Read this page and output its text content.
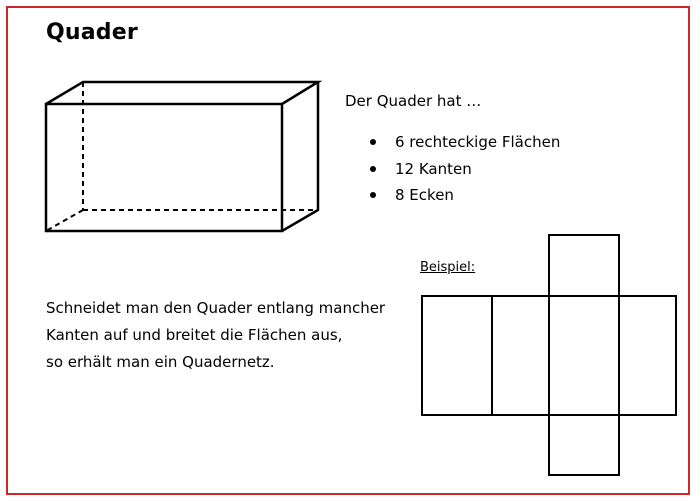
Quader
Der Quader hat …
6 rechteckige Flächen
12 Kanten
8 Ecken
Beispiel:
Schneidet man den Quader entlang mancher
Kanten auf und breitet die Flächen aus,
so erhält man ein Quadernetz.
